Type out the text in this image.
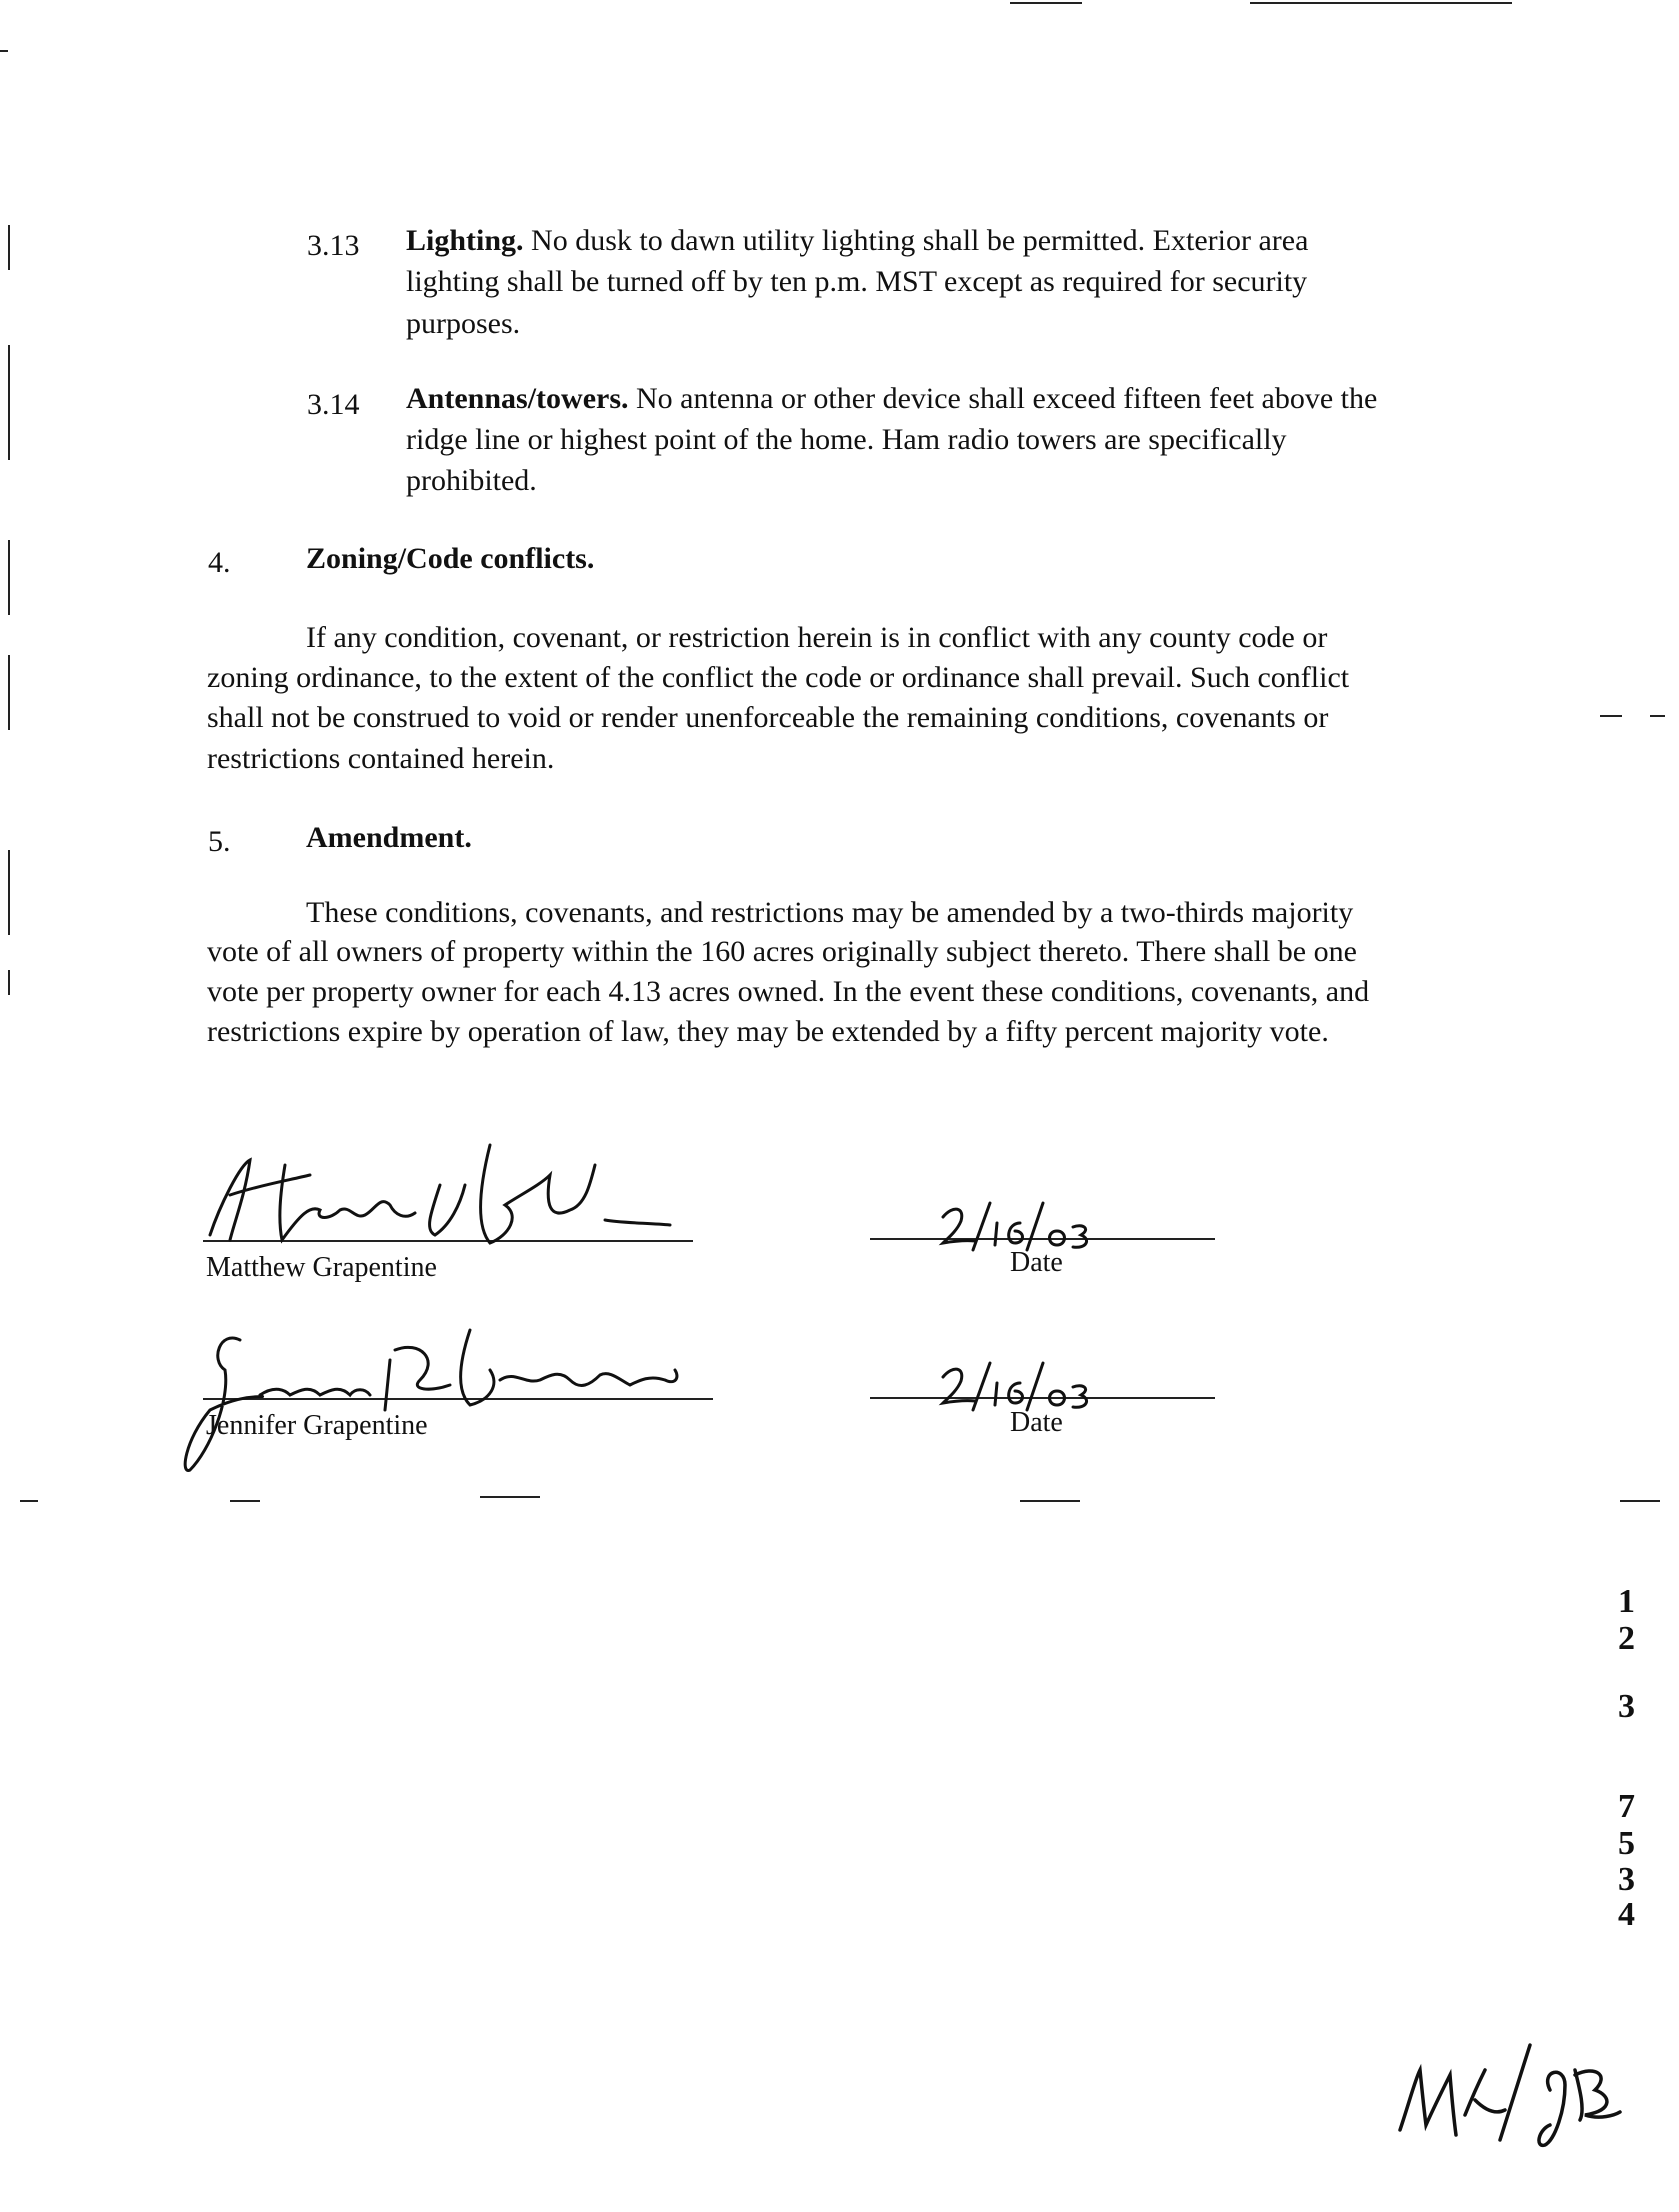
3.13 Lighting. No dusk to dawn utility lighting shall be permitted. Exterior area
lighting shall be turned off by ten p.m. MST except as required for security
purposes.
3.14 Antennas/towers. No antenna or other device shall exceed fifteen feet above the
ridge line or highest point of the home. Ham radio towers are specifically
prohibited.
4.	Zoning/Code conflicts.
If any condition, covenant, or restriction herein is in conflict with any county code or
zoning ordinance, to the extent of the conflict the code or ordinance shall prevail. Such conflict
shall not be construed to void or render unenforceable the remaining conditions, covenants or
restrictions contained herein.
5.	Amendment.
These conditions, covenants, and restrictions may be amended by a two-thirds majority
vote of all owners of property within the 160 acres originally subject thereto. There shall be one
vote per property owner for each 4.13 acres owned. In the event these conditions, covenants, and
restrictions expire by operation of law, they may be extended by a fifty percent majority vote.
Matthew Grapentine	Date
Jennifer Grapentine	Date
1
2
3
7
5
3
4
